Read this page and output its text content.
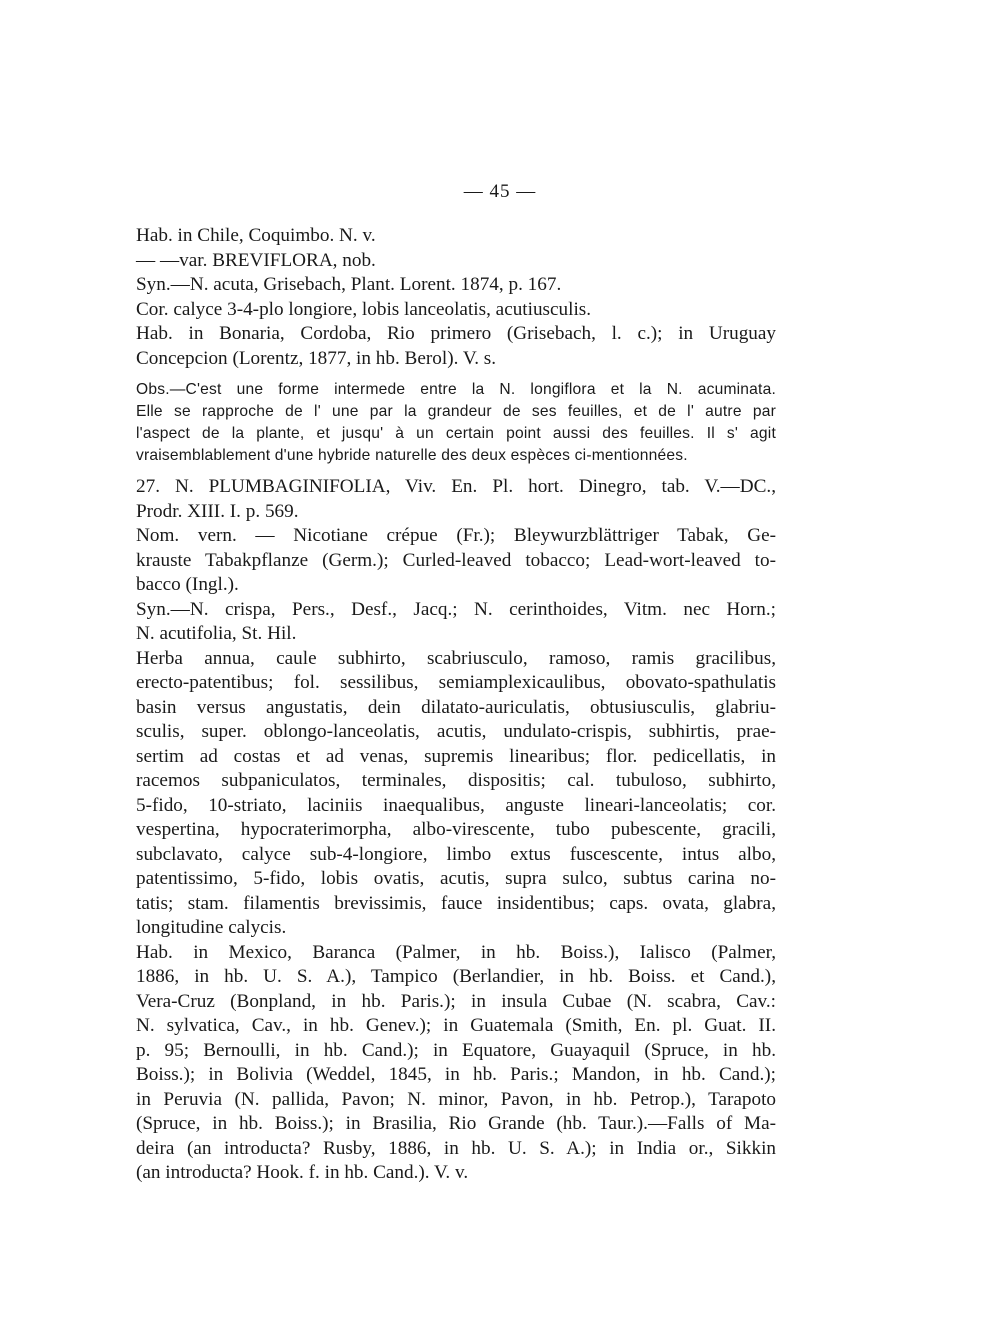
— 45 —
Hab. in Chile, Coquimbo. N. v.
— —var. BREVIFLORA, nob.
Syn.—N. acuta, Grisebach, Plant. Lorent. 1874, p. 167.
Cor. calyce 3-4-plo longiore, lobis lanceolatis, acutiusculis.
Hab. in Bonaria, Cordoba, Rio primero (Grisebach, l. c.); in Uruguay
Concepcion (Lorentz, 1877, in hb. Berol). V. s.
Obs.—C'est une forme intermede entre la N. longiflora et la N. acuminata.
Elle se rapproche de l' une par la grandeur de ses feuilles, et de l' autre par
l'aspect de la plante, et jusqu' à un certain point aussi des feuilles. Il s' agit
vraisemblablement d'une hybride naturelle des deux espèces ci-mentionnées.
27. N. PLUMBAGINIFOLIA, Viv. En. Pl. hort. Dinegro, tab. V.—DC.,
Prodr. XIII. I. p. 569.
Nom. vern. — Nicotiane crépue (Fr.); Bleywurzblättriger Tabak, Ge-
krauste Tabakpflanze (Germ.); Curled-leaved tobacco; Lead-wort-leaved to-
bacco (Ingl.).
Syn.—N. crispa, Pers., Desf., Jacq.; N. cerinthoides, Vitm. nec Horn.;
N. acutifolia, St. Hil.
Herba annua, caule subhirto, scabriusculo, ramoso, ramis gracilibus,
erecto-patentibus; fol. sessilibus, semiamplexicaulibus, obovato-spathulatis
basin versus angustatis, dein dilatato-auriculatis, obtusiusculis, glabriu-
sculis, super. oblongo-lanceolatis, acutis, undulato-crispis, subhirtis, prae-
sertim ad costas et ad venas, supremis linearibus; flor. pedicellatis, in
racemos subpaniculatos, terminales, dispositis; cal. tubuloso, subhirto,
5-fido, 10-striato, laciniis inaequalibus, anguste lineari-lanceolatis; cor.
vespertina, hypocraterimorpha, albo-virescente, tubo pubescente, gracili,
subclavato, calyce sub-4-longiore, limbo extus fuscescente, intus albo,
patentissimo, 5-fido, lobis ovatis, acutis, supra sulco, subtus carina no-
tatis; stam. filamentis brevissimis, fauce insidentibus; caps. ovata, glabra,
longitudine calycis.
Hab. in Mexico, Baranca (Palmer, in hb. Boiss.), Ialisco (Palmer,
1886, in hb. U. S. A.), Tampico (Berlandier, in hb. Boiss. et Cand.),
Vera-Cruz (Bonpland, in hb. Paris.); in insula Cubae (N. scabra, Cav.:
N. sylvatica, Cav., in hb. Genev.); in Guatemala (Smith, En. pl. Guat. II.
p. 95; Bernoulli, in hb. Cand.); in Equatore, Guayaquil (Spruce, in hb.
Boiss.); in Bolivia (Weddel, 1845, in hb. Paris.; Mandon, in hb. Cand.);
in Peruvia (N. pallida, Pavon; N. minor, Pavon, in hb. Petrop.), Tarapoto
(Spruce, in hb. Boiss.); in Brasilia, Rio Grande (hb. Taur.).—Falls of Ma-
deira (an introducta? Rusby, 1886, in hb. U. S. A.); in India or., Sikkin
(an introducta? Hook. f. in hb. Cand.). V. v.
